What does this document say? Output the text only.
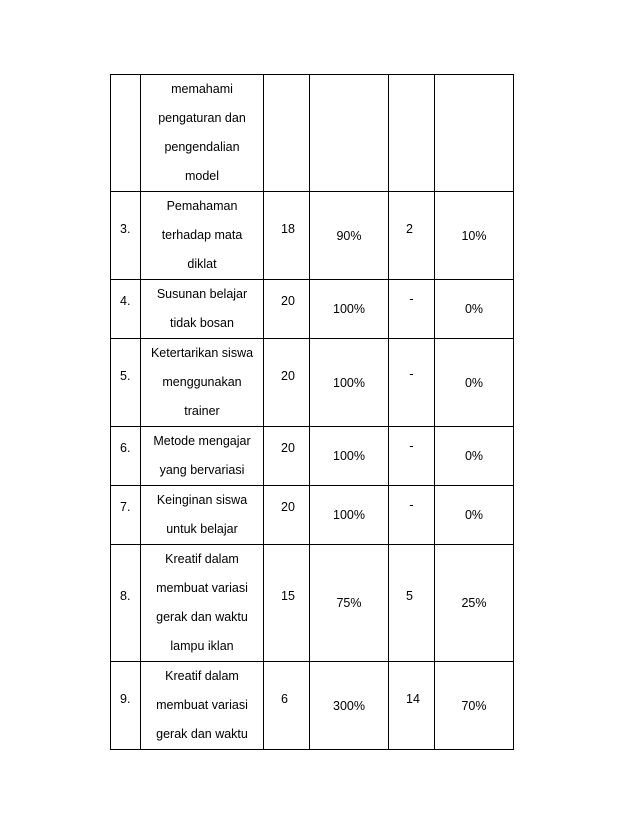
	memahami
pengaturan dan
pengendalian
model				

3.	Pemahaman
terhadap mata
diklat	18	90%	2	10%

4.	Susunan belajar
tidak bosan	20	100%	-	0%

5.	Ketertarikan siswa
menggunakan
trainer	20	100%	-	0%

6.	Metode mengajar
yang bervariasi	20	100%	-	0%

7.	Keinginan siswa
untuk belajar	20	100%	-	0%

8.	Kreatif dalam
membuat variasi
gerak dan waktu
lampu iklan	15	75%	5	25%

9.	Kreatif dalam
membuat variasi
gerak dan waktu	6	300%	14	70%
